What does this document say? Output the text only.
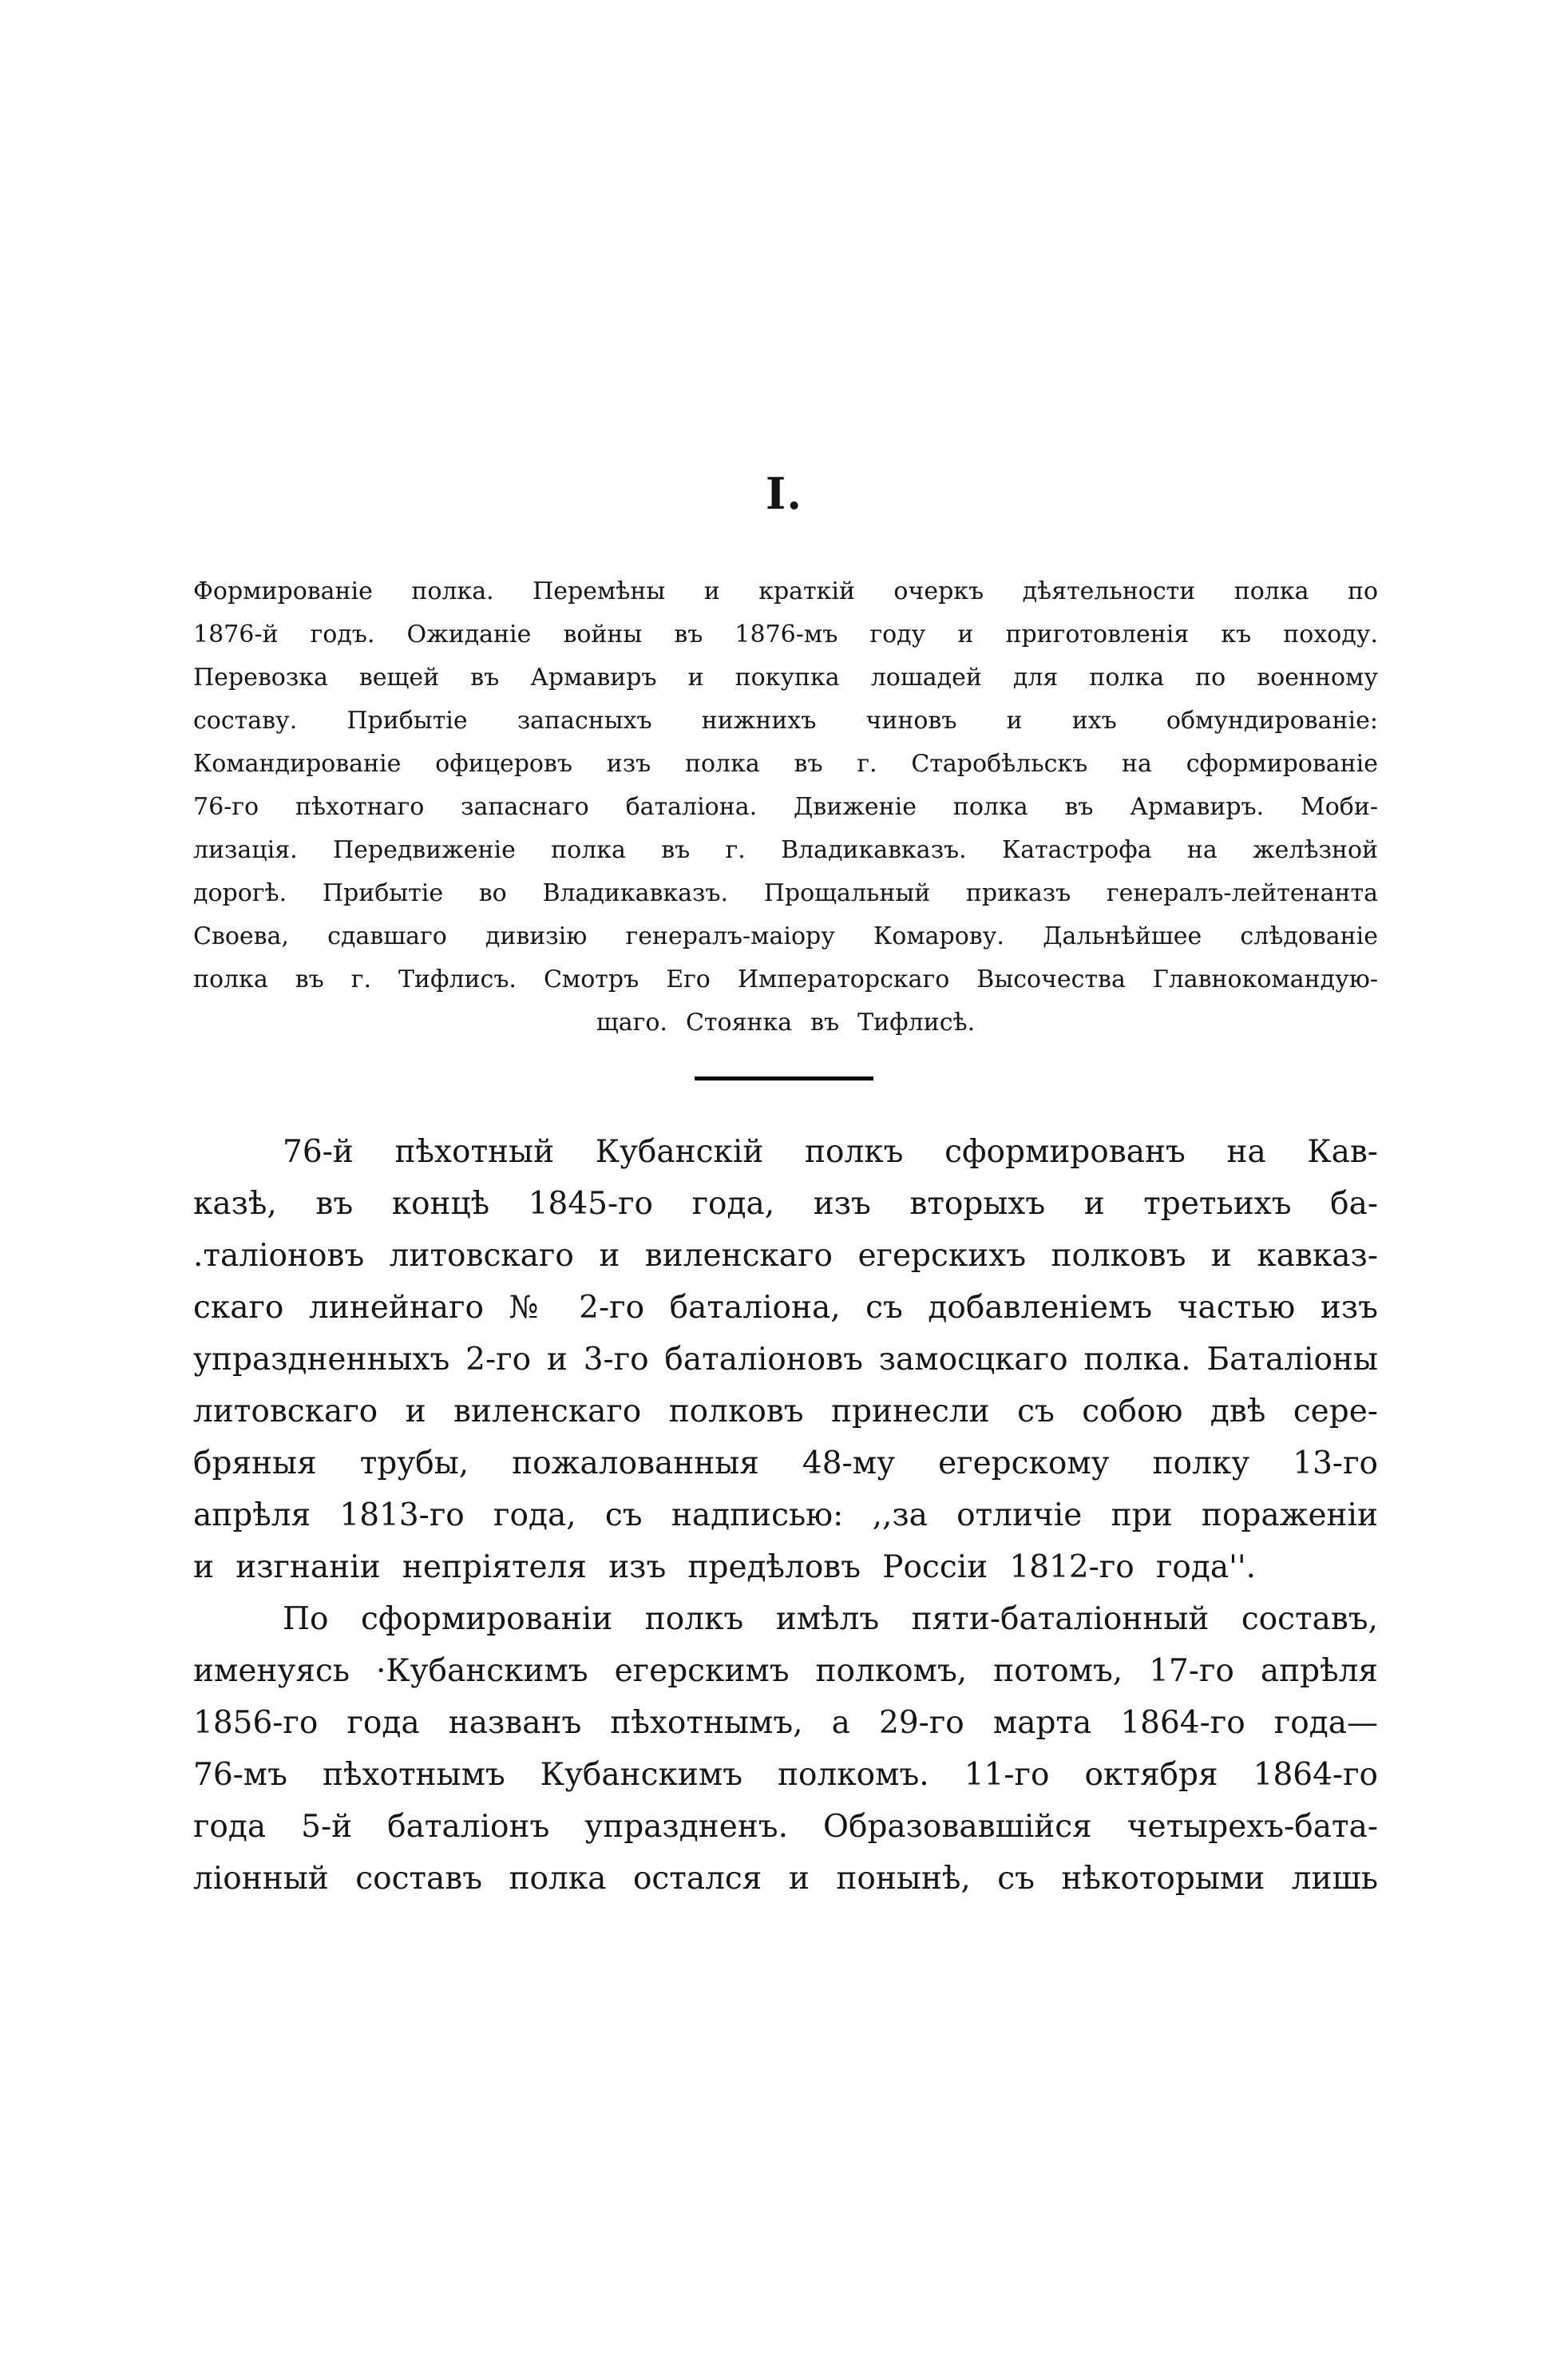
I.
Формированіе полка. Перемѣны и краткій очеркъ дѣятельности полка по
1876-й годъ. Ожиданіе войны въ 1876-мъ году и приготовленія къ походу.
Перевозка вещей въ Армавиръ и покупка лошадей для полка по военному
составу. Прибытіе запасныхъ нижнихъ чиновъ и ихъ обмундированіе:
Командированіе офицеровъ изъ полка въ г. Старобѣльскъ на сформированіе
76-го пѣхотнаго запаснаго баталіона. Движеніе полка въ Армавиръ. Моби-
лизація. Передвиженіе полка въ г. Владикавказъ. Катастрофа на желѣзной
дорогѣ. Прибытіе во Владикавказъ. Прощальный приказъ генералъ-лейтенанта
Своева, сдавшаго дивизію генералъ-маіору Комарову. Дальнѣйшее слѣдованіе
полка въ г. Тифлисъ. Смотръ Его Императорскаго Высочества Главнокомандую-
щаго. Стоянка въ Тифлисѣ.
76-й пѣхотный Кубанскій полкъ сформированъ на Кав-
казѣ, въ концѣ 1845-го года, изъ вторыхъ и третьихъ ба-
.таліоновъ литовскаго и виленскаго егерскихъ полковъ и кавказ-
скаго линейнаго № 2-го баталіона, съ добавленіемъ частью изъ
упраздненныхъ 2-го и 3-го баталіоновъ замосцкаго полка. Баталіоны
литовскаго и виленскаго полковъ принесли съ собою двѣ сере-
бряныя трубы, пожалованныя 48-му егерскому полку 13-го
апрѣля 1813-го года, съ надписью: ,,за отличіе при пораженіи
и изгнаніи непріятеля изъ предѣловъ Россіи 1812-го года''.
По сформированіи полкъ имѣлъ пяти-баталіонный составъ,
именуясь ·Кубанскимъ егерскимъ полкомъ, потомъ, 17-го апрѣля
1856-го года названъ пѣхотнымъ, а 29-го марта 1864-го года—
76-мъ пѣхотнымъ Кубанскимъ полкомъ. 11-го октября 1864-го
года 5-й баталіонъ упраздненъ. Образовавшійся четырехъ-бата-
ліонный составъ полка остался и понынѣ, съ нѣкоторыми лишь
